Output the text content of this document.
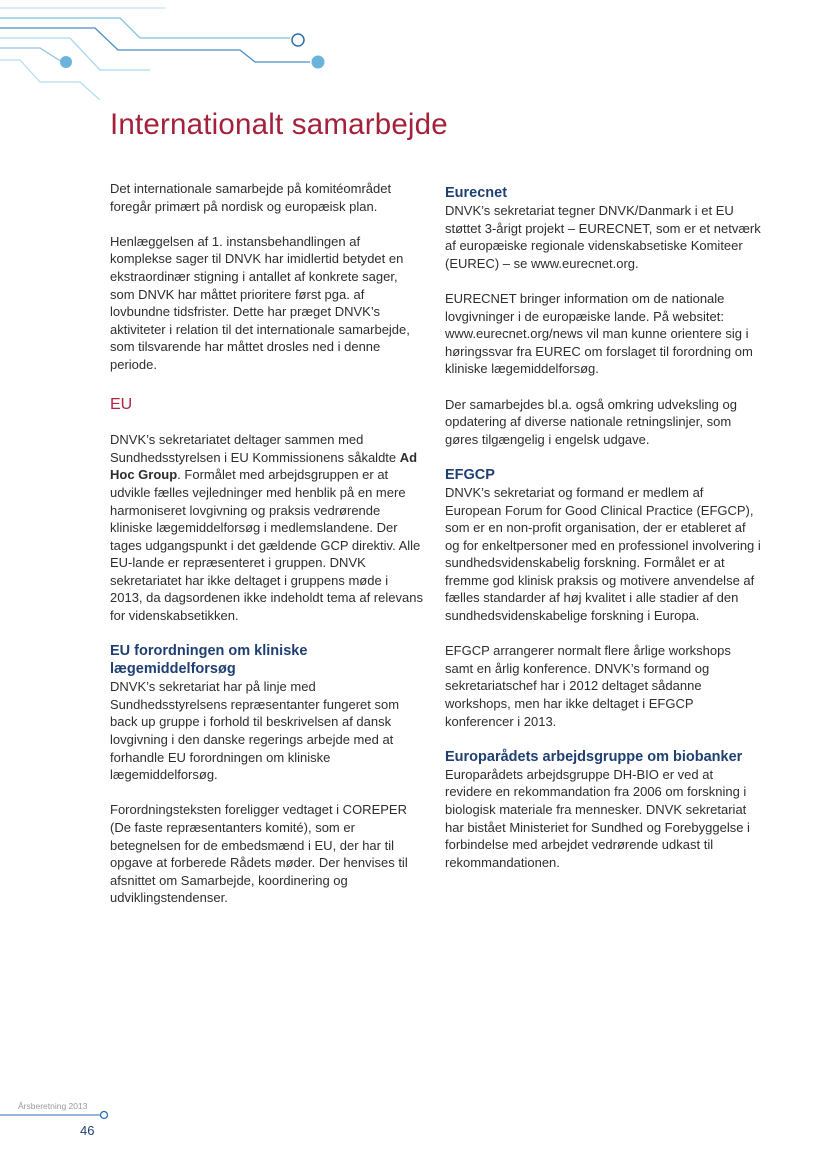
Internationalt samarbejde

Det internationale samarbejde på komitéområdet foregår primært på nordisk og europæisk plan.

Henlæggelsen af 1. instansbehandlingen af komplekse sager til DNVK har imidlertid betydet en ekstraordinær stigning i antallet af konkrete sager, som DNVK har måttet prioritere først pga. af lovbundne tidsfrister. Dette har præget DNVK’s aktiviteter i relation til det internationale samarbejde, som tilsvarende har måttet drosles ned i denne periode.

EU

DNVK’s sekretariatet deltager sammen med Sundhedsstyrelsen i EU Kommissionens såkaldte Ad Hoc Group. Formålet med arbejdsgruppen er at udvikle fælles vejledninger med henblik på en mere harmoniseret lovgivning og praksis vedrørende kliniske lægemiddelforsøg i medlemslandene. Der tages udgangspunkt i det gældende GCP direktiv. Alle EU-lande er repræsenteret i gruppen. DNVK sekretariatet har ikke deltaget i gruppens møde i 2013, da dagsordenen ikke indeholdt tema af relevans for videnskabsetikken.

EU forordningen om kliniske lægemiddelforsøg

DNVK’s sekretariat har på linje med Sundhedsstyrelsens repræsentanter fungeret som back up gruppe i forhold til beskrivelsen af dansk lovgivning i den danske regerings arbejde med at forhandle EU forordningen om kliniske lægemiddelforsøg.

Forordningsteksten foreligger vedtaget i COREPER (De faste repræsentanters komité), som er betegnelsen for de embedsmænd i EU, der har til opgave at forberede Rådets møder. Der henvises til afsnittet om Samarbejde, koordinering og udviklingstendenser.

Eurecnet

DNVK’s sekretariat tegner DNVK/Danmark i et EU støttet 3-årigt projekt – EURECNET, som er et netværk af europæiske regionale videnskabsetiske Komiteer (EUREC) – se www.eurecnet.org.

EURECNET bringer information om de nationale lovgivninger i de europæiske lande. På websitet: www.eurecnet.org/news vil man kunne orientere sig i høringssvar fra EUREC om forslaget til forordning om kliniske lægemiddelforsøg.

Der samarbejdes bl.a. også omkring udveksling og opdatering af diverse nationale retningslinjer, som gøres tilgængelig i engelsk udgave.

EFGCP

DNVK’s sekretariat og formand er medlem af European Forum for Good Clinical Practice (EFGCP), som er en non-profit organisation, der er etableret af og for enkeltpersoner med en professionel involvering i sundhedsvidenskabelig forskning. Formålet er at fremme god klinisk praksis og motivere anvendelse af fælles standarder af høj kvalitet i alle stadier af den sundhedsvidenskabelige forskning i Europa.

EFGCP arrangerer normalt flere årlige workshops samt en årlig konference. DNVK’s formand og sekretariatschef har i 2012 deltaget sådanne workshops, men har ikke deltaget i EFGCP konferencer i 2013.

Europarådets arbejdsgruppe om biobanker

Europarådets arbejdsgruppe DH-BIO er ved at revidere en rekommandation fra 2006 om forskning i biologisk materiale fra mennesker. DNVK sekretariat har bistået Ministeriet for Sundhed og Forebyggelse i forbindelse med arbejdet vedrørende udkast til rekommandationen.

Årsberetning 2013
46
